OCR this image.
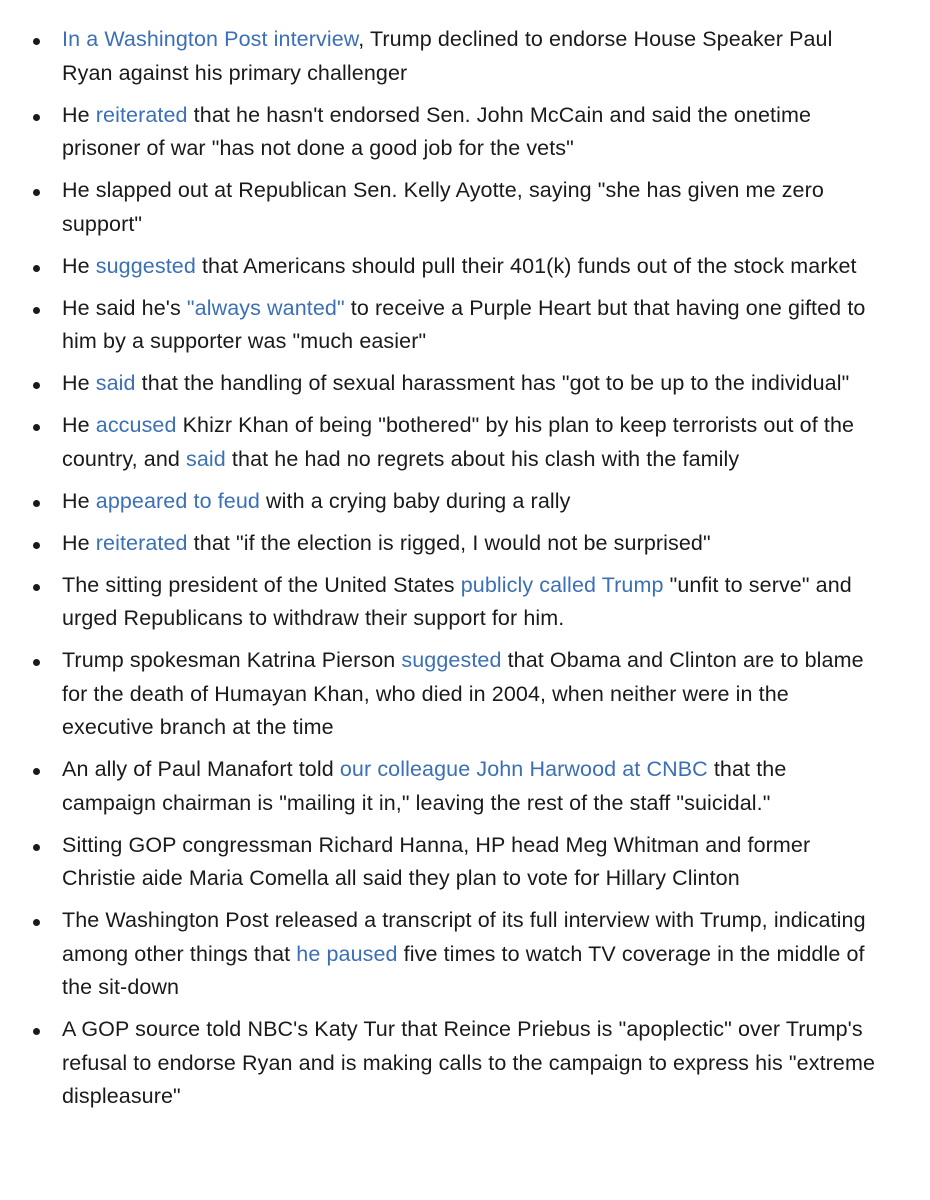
In a Washington Post interview, Trump declined to endorse House Speaker Paul Ryan against his primary challenger
He reiterated that he hasn't endorsed Sen. John McCain and said the onetime prisoner of war "has not done a good job for the vets"
He slapped out at Republican Sen. Kelly Ayotte, saying "she has given me zero support"
He suggested that Americans should pull their 401(k) funds out of the stock market
He said he's "always wanted" to receive a Purple Heart but that having one gifted to him by a supporter was "much easier"
He said that the handling of sexual harassment has "got to be up to the individual"
He accused Khizr Khan of being "bothered" by his plan to keep terrorists out of the country, and said that he had no regrets about his clash with the family
He appeared to feud with a crying baby during a rally
He reiterated that "if the election is rigged, I would not be surprised"
The sitting president of the United States publicly called Trump "unfit to serve" and urged Republicans to withdraw their support for him.
Trump spokesman Katrina Pierson suggested that Obama and Clinton are to blame for the death of Humayan Khan, who died in 2004, when neither were in the executive branch at the time
An ally of Paul Manafort told our colleague John Harwood at CNBC that the campaign chairman is "mailing it in," leaving the rest of the staff "suicidal."
Sitting GOP congressman Richard Hanna, HP head Meg Whitman and former Christie aide Maria Comella all said they plan to vote for Hillary Clinton
The Washington Post released a transcript of its full interview with Trump, indicating among other things that he paused five times to watch TV coverage in the middle of the sit-down
A GOP source told NBC's Katy Tur that Reince Priebus is "apoplectic" over Trump's refusal to endorse Ryan and is making calls to the campaign to express his "extreme displeasure"
